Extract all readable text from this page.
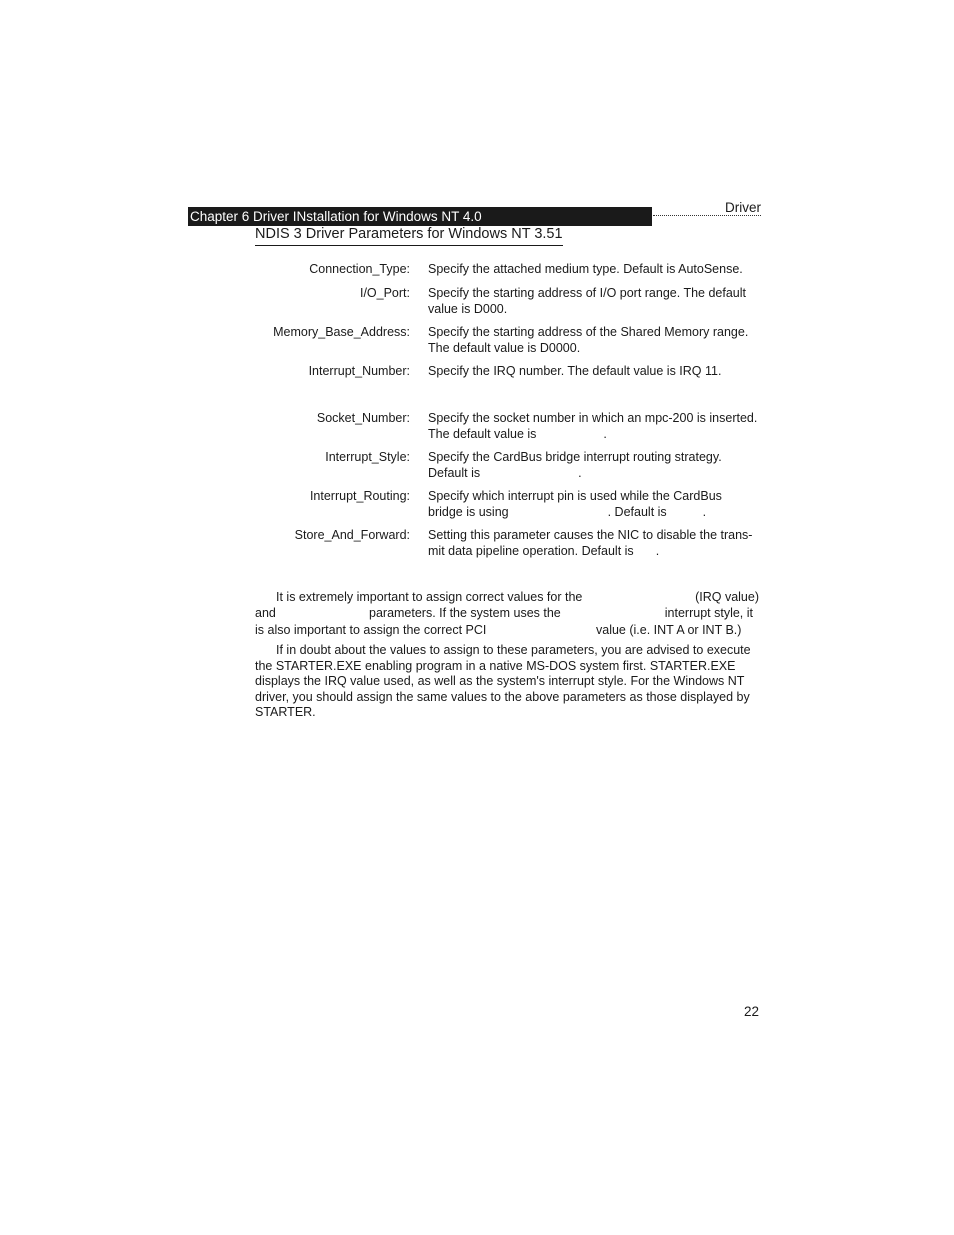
Chapter 6 Driver INstallation for Windows NT 4.0
Driver
NDIS 3 Driver Parameters for Windows NT 3.51
Connection_Type: Specify the attached medium type. Default is AutoSense.
I/O_Port: Specify the starting address of I/O port range. The default
value is D000.
Memory_Base_Address: Specify the starting address of the Shared Memory range.
The default value is D0000.
Interrupt_Number: Specify the IRQ number. The default value is IRQ 11.
Socket_Number: Specify the socket number in which an mpc-200 is inserted.
The default value is	.
Interrupt_Style: Specify the CardBus bridge interrupt routing strategy.
Default is	.
Interrupt_Routing: Specify which interrupt pin is used while the CardBus
bridge is using	. Default is	.
Store_And_Forward: Setting this parameter causes the NIC to disable the trans-
mit data pipeline operation. Default is .
It is extremely important to assign correct values for the	(IRQ value)
and	parameters. If the system uses the	interrupt style, it
is also important to assign the correct PCI	value (i.e. INT A or INT B.)
If in doubt about the values to assign to these parameters, you are advised to execute
the STARTER.EXE enabling program in a native MS-DOS system first. STARTER.EXE
displays the IRQ value used, as well as the system's interrupt style. For the Windows NT
driver, you should assign the same values to the above parameters as those displayed by
STARTER.
22
